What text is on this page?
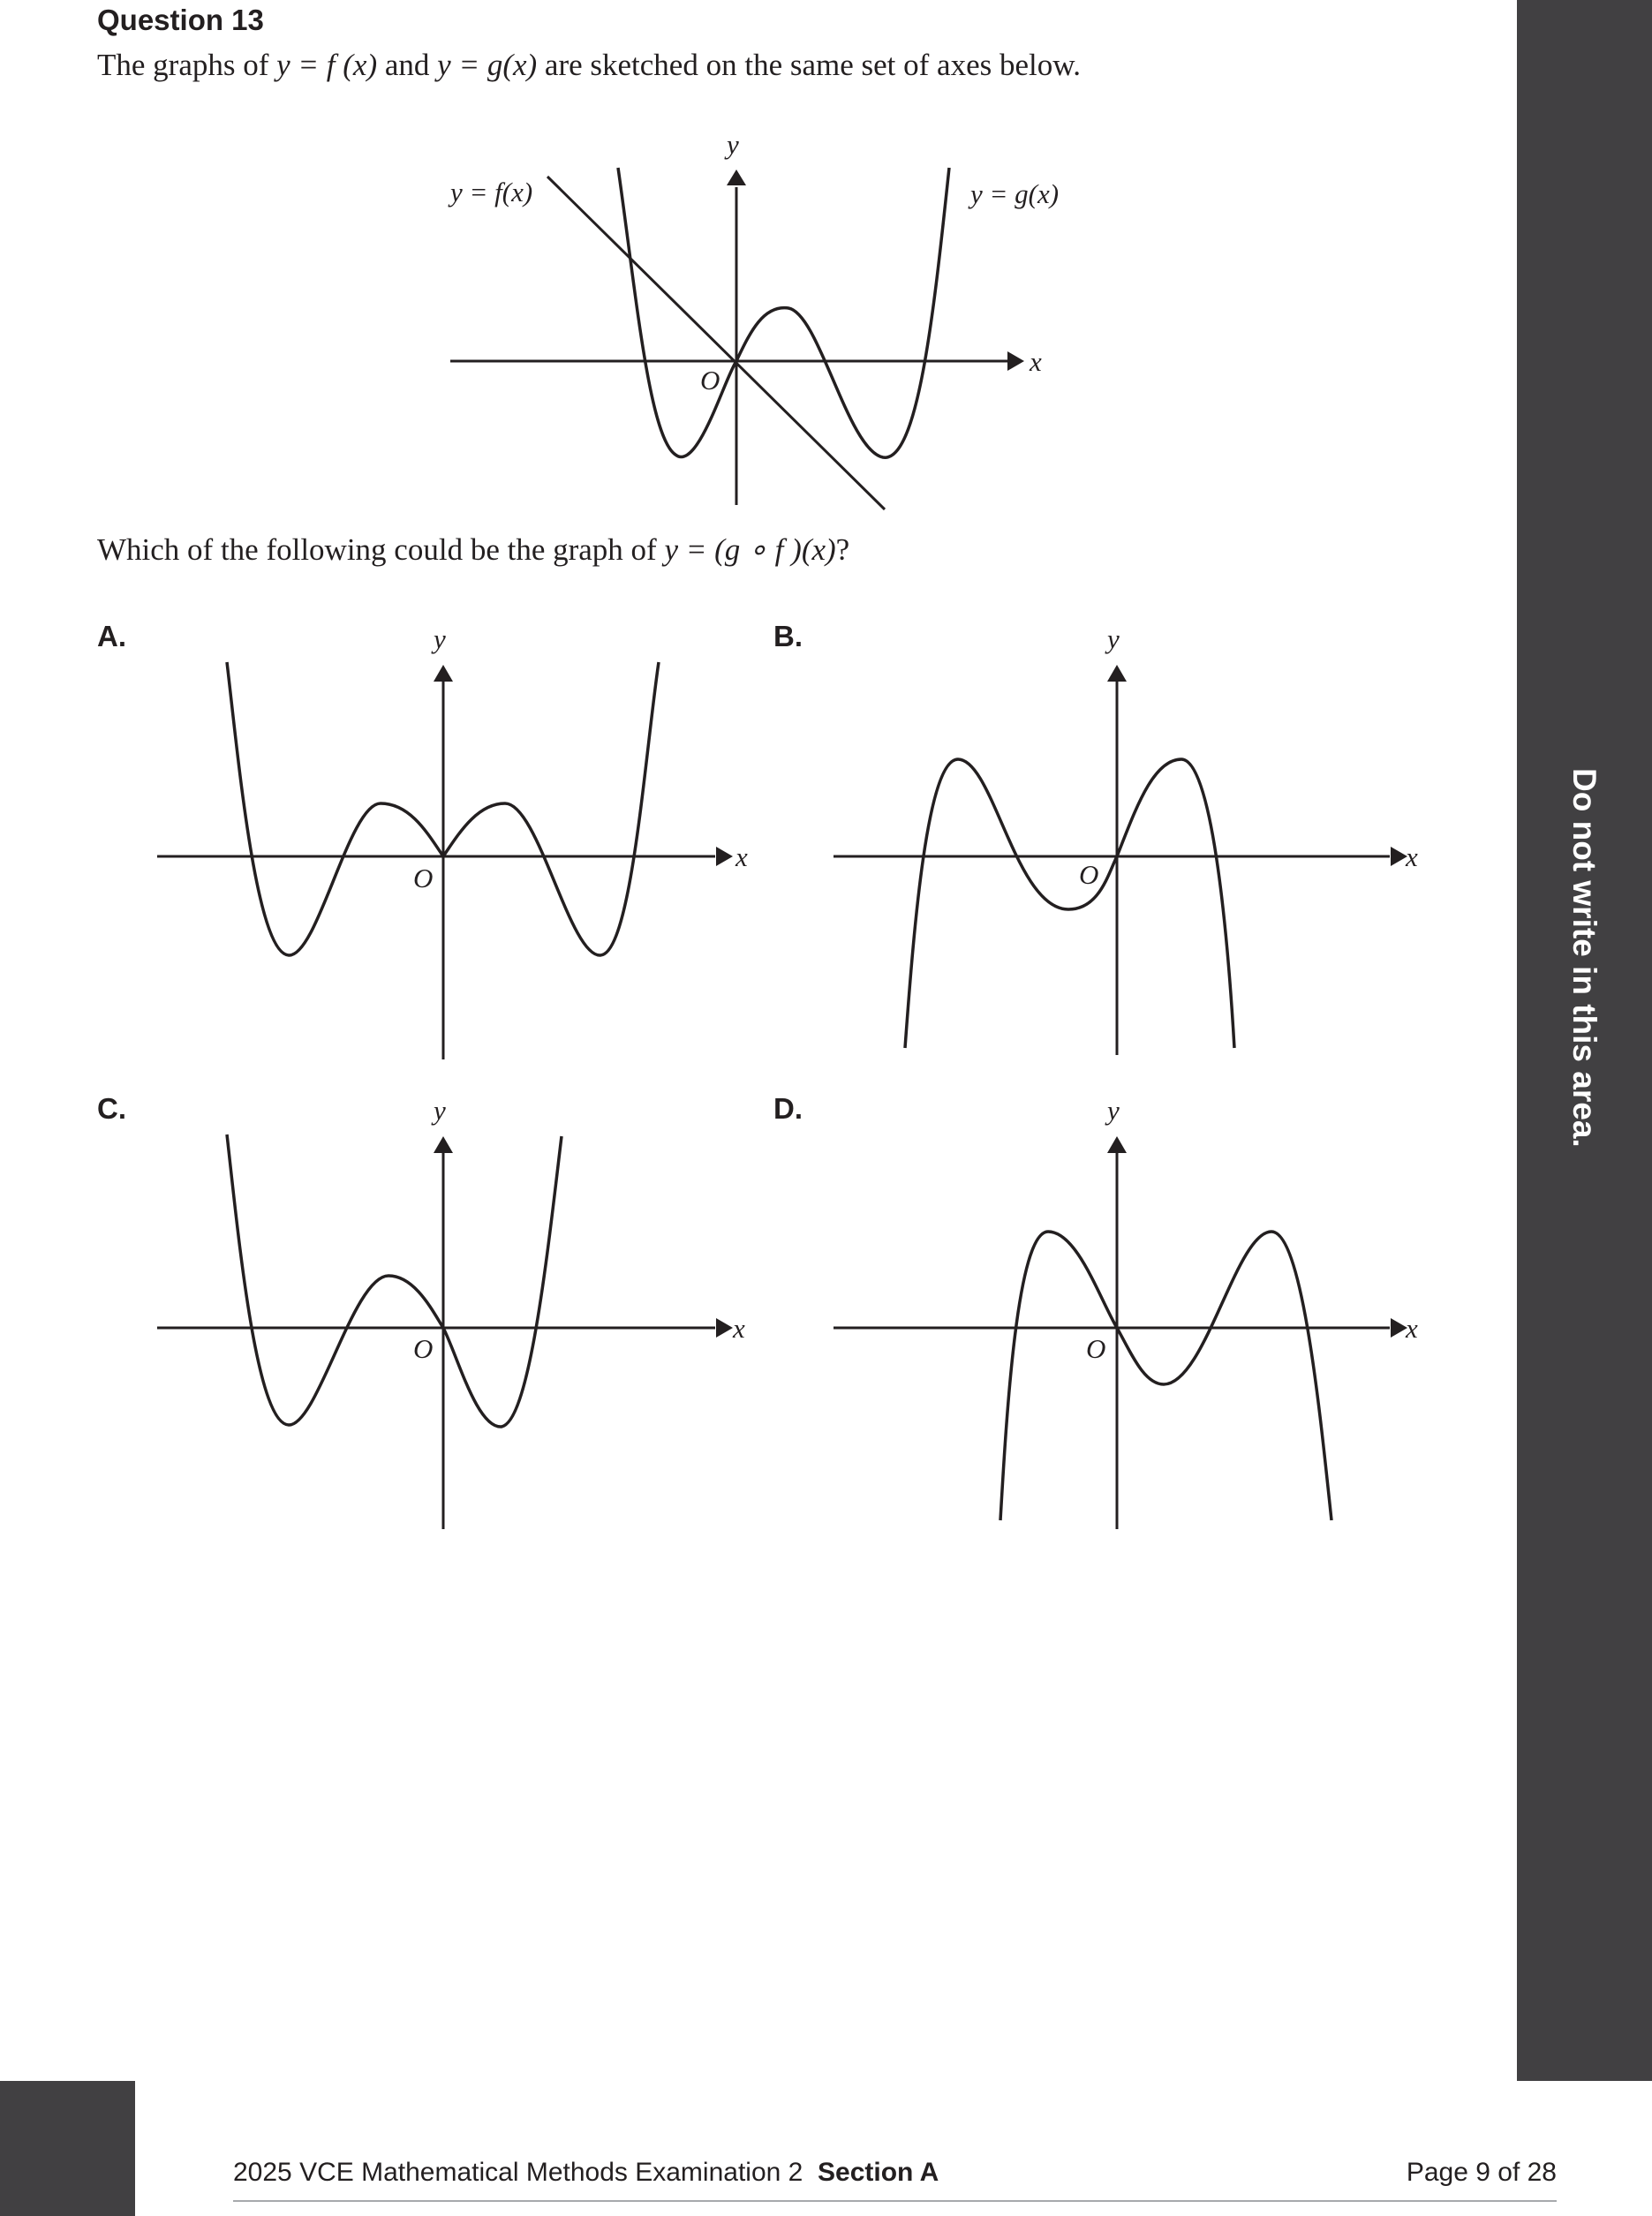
Question 13
The graphs of y = f (x) and y = g(x) are sketched on the same set of axes below.
x
y
O
y = f(x)	y = g(x)
Which of the following could be the graph of y = (g ∘ f )(x)?
A.	B.
C.	D.
x
y
O
x
y
O
x
y
O
x
y
O
Do not write in this area.
2025 VCE Mathematical Methods Examination 2 Section A	Page 9 of 28
